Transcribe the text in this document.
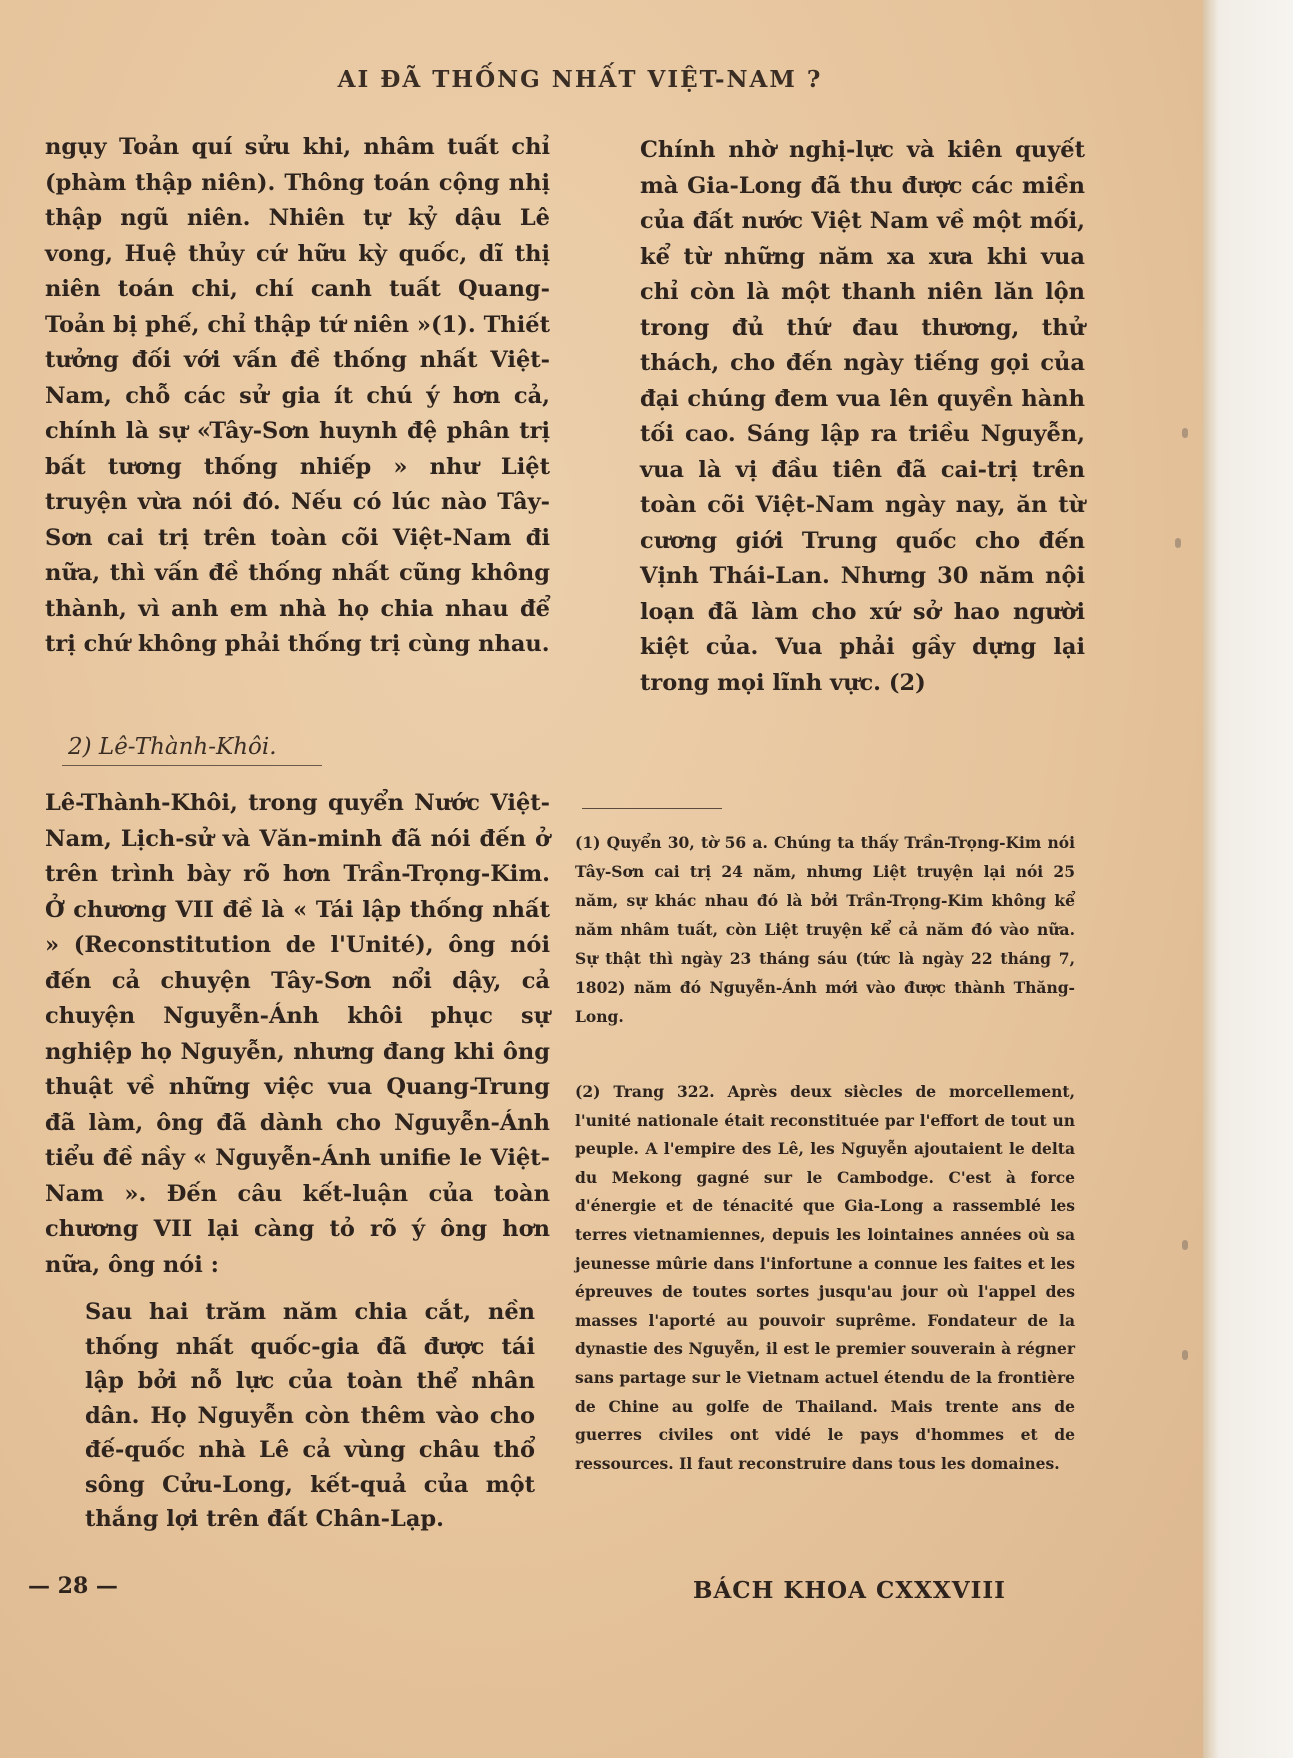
AI ĐÃ THỐNG NHẤT VIỆT-NAM ?

ngụy Toản quí sửu khi, nhâm tuất chỉ (phàm thập niên). Thông toán cộng nhị thập ngũ niên. Nhiên tự kỷ dậu Lê vong, Huệ thủy cứ hữu kỳ quốc, dĩ thị niên toán chi, chí canh tuất Quang-Toản bị phế, chỉ thập tứ niên »(1). Thiết tưởng đối với vấn đề thống nhất Việt-Nam, chỗ các sử gia ít chú ý hơn cả, chính là sự «Tây-Sơn huynh đệ phân trị bất tương thống nhiếp » như Liệt truyện vừa nói đó. Nếu có lúc nào Tây-Sơn cai trị trên toàn cõi Việt-Nam đi nữa, thì vấn đề thống nhất cũng không thành, vì anh em nhà họ chia nhau để trị chứ không phải thống trị cùng nhau.

2) Lê-Thành-Khôi.

Lê-Thành-Khôi, trong quyển Nước Việt-Nam, Lịch-sử và Văn-minh đã nói đến ở trên trình bày rõ hơn Trần-Trọng-Kim. Ở chương VII đề là « Tái lập thống nhất » (Reconstitution de l'Unité), ông nói đến cả chuyện Tây-Sơn nổi dậy, cả chuyện Nguyễn-Ánh khôi phục sự nghiệp họ Nguyễn, nhưng đang khi ông thuật về những việc vua Quang-Trung đã làm, ông đã dành cho Nguyễn-Ánh tiểu đề nầy « Nguyễn-Ánh unifie le Việt-Nam ». Đến câu kết-luận của toàn chương VII lại càng tỏ rõ ý ông hơn nữa, ông nói :

Sau hai trăm năm chia cắt, nền thống nhất quốc-gia đã được tái lập bởi nỗ lực của toàn thể nhân dân. Họ Nguyễn còn thêm vào cho đế-quốc nhà Lê cả vùng châu thổ sông Cửu-Long, kết-quả của một thắng lợi trên đất Chân-Lạp.

Chính nhờ nghị-lực và kiên quyết mà Gia-Long đã thu được các miền của đất nước Việt Nam về một mối, kể từ những năm xa xưa khi vua chỉ còn là một thanh niên lăn lộn trong đủ thứ đau thương, thử thách, cho đến ngày tiếng gọi của đại chúng đem vua lên quyền hành tối cao. Sáng lập ra triều Nguyễn, vua là vị đầu tiên đã cai-trị trên toàn cõi Việt-Nam ngày nay, ăn từ cương giới Trung quốc cho đến Vịnh Thái-Lan. Nhưng 30 năm nội loạn đã làm cho xứ sở hao người kiệt của. Vua phải gầy dựng lại trong mọi lĩnh vực. (2)

(1) Quyển 30, tờ 56 a. Chúng ta thấy Trần-Trọng-Kim nói Tây-Sơn cai trị 24 năm, nhưng Liệt truyện lại nói 25 năm, sự khác nhau đó là bởi Trần-Trọng-Kim không kể năm nhâm tuất, còn Liệt truyện kể cả năm đó vào nữa. Sự thật thì ngày 23 tháng sáu (tức là ngày 22 tháng 7, 1802) năm đó Nguyễn-Ánh mới vào được thành Thăng-Long.

(2) Trang 322. Après deux siècles de morcellement, l'unité nationale était reconstituée par l'effort de tout un peuple. A l'empire des Lê, les Nguyễn ajoutaient le delta du Mekong gagné sur le Cambodge. C'est à force d'énergie et de ténacité que Gia-Long a rassemblé les terres vietnamiennes, depuis les lointaines années où sa jeunesse mûrie dans l'infortune a connue les faites et les épreuves de toutes sortes jusqu'au jour où l'appel des masses l'aporté au pouvoir suprême. Fondateur de la dynastie des Nguyễn, il est le premier souverain à régner sans partage sur le Vietnam actuel étendu de la frontière de Chine au golfe de Thailand. Mais trente ans de guerres civiles ont vidé le pays d'hommes et de ressources. Il faut reconstruire dans tous les domaines.

— 28 —	BÁCH KHOA CXXXVIII
